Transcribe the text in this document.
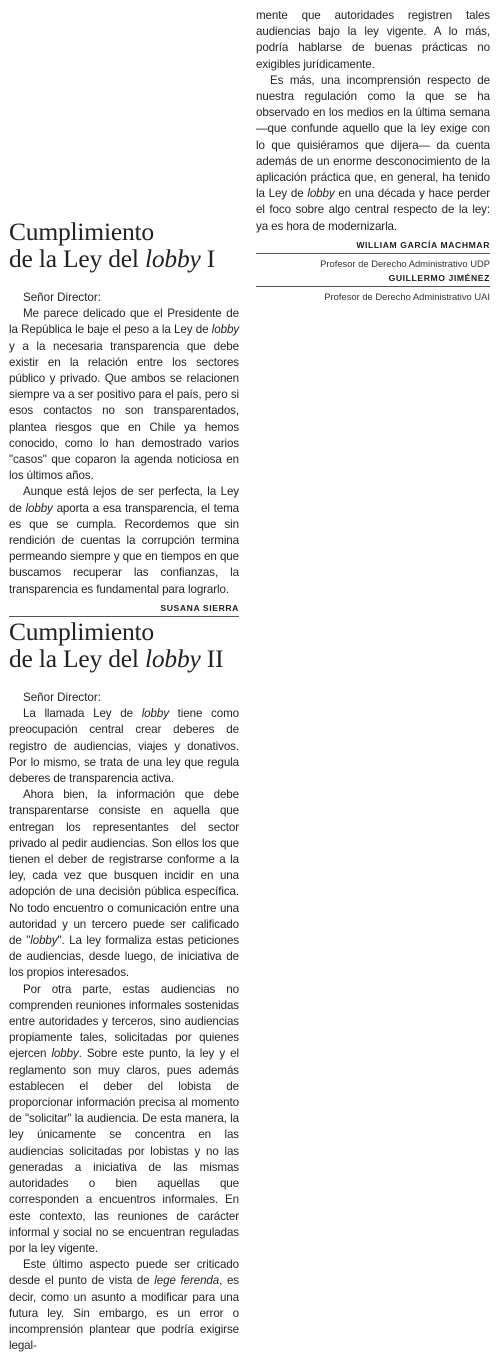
mente que autoridades registren tales audiencias bajo la ley vigente. A lo más, podría hablarse de buenas prácticas no exigibles jurídicamente.

Es más, una incomprensión respecto de nuestra regulación como la que se ha observado en los medios en la última semana —que confunde aquello que la ley exige con lo que quisiéramos que dijera— da cuenta además de un enorme desconocimiento de la aplicación práctica que, en general, ha tenido la Ley de lobby en una década y hace perder el foco sobre algo central respecto de la ley: ya es hora de modernizarla.

WILLIAM GARCÍA MACHMAR

Profesor de Derecho Administrativo UDP

GUILLERMO JIMÉNEZ

Profesor de Derecho Administrativo UAI

Cumplimiento
de la Ley del lobby I

Señor Director:

Me parece delicado que el Presidente de la República le baje el peso a la Ley de lobby y a la necesaria transparencia que debe existir en la relación entre los sectores público y privado. Que ambos se relacionen siempre va a ser positivo para el país, pero si esos contactos no son transparentados, plantea riesgos que en Chile ya hemos conocido, como lo han demostrado varios "casos" que coparon la agenda noticiosa en los últimos años.

Aunque está lejos de ser perfecta, la Ley de lobby aporta a esa transparencia, el tema es que se cumpla. Recordemos que sin rendición de cuentas la corrupción termina permeando siempre y que en tiempos en que buscamos recuperar las confianzas, la transparencia es fundamental para lograrlo.

SUSANA SIERRA

Cumplimiento
de la Ley del lobby II

Señor Director:

La llamada Ley de lobby tiene como preocupación central crear deberes de registro de audiencias, viajes y donativos. Por lo mismo, se trata de una ley que regula deberes de transparencia activa.

Ahora bien, la información que debe transparentarse consiste en aquella que entregan los representantes del sector privado al pedir audiencias. Son ellos los que tienen el deber de registrarse conforme a la ley, cada vez que busquen incidir en una adopción de una decisión pública específica. No todo encuentro o comunicación entre una autoridad y un tercero puede ser calificado de "lobby". La ley formaliza estas peticiones de audiencias, desde luego, de iniciativa de los propios interesados.

Por otra parte, estas audiencias no comprenden reuniones informales sostenidas entre autoridades y terceros, sino audiencias propiamente tales, solicitadas por quienes ejercen lobby. Sobre este punto, la ley y el reglamento son muy claros, pues además establecen el deber del lobista de proporcionar información precisa al momento de "solicitar" la audiencia. De esta manera, la ley únicamente se concentra en las audiencias solicitadas por lobistas y no las generadas a iniciativa de las mismas autoridades o bien aquellas que corresponden a encuentros informales. En este contexto, las reuniones de carácter informal y social no se encuentran reguladas por la ley vigente.

Este último aspecto puede ser criticado desde el punto de vista de lege ferenda, es decir, como un asunto a modificar para una futura ley. Sin embargo, es un error o incomprensión plantear que podría exigirse legal-
